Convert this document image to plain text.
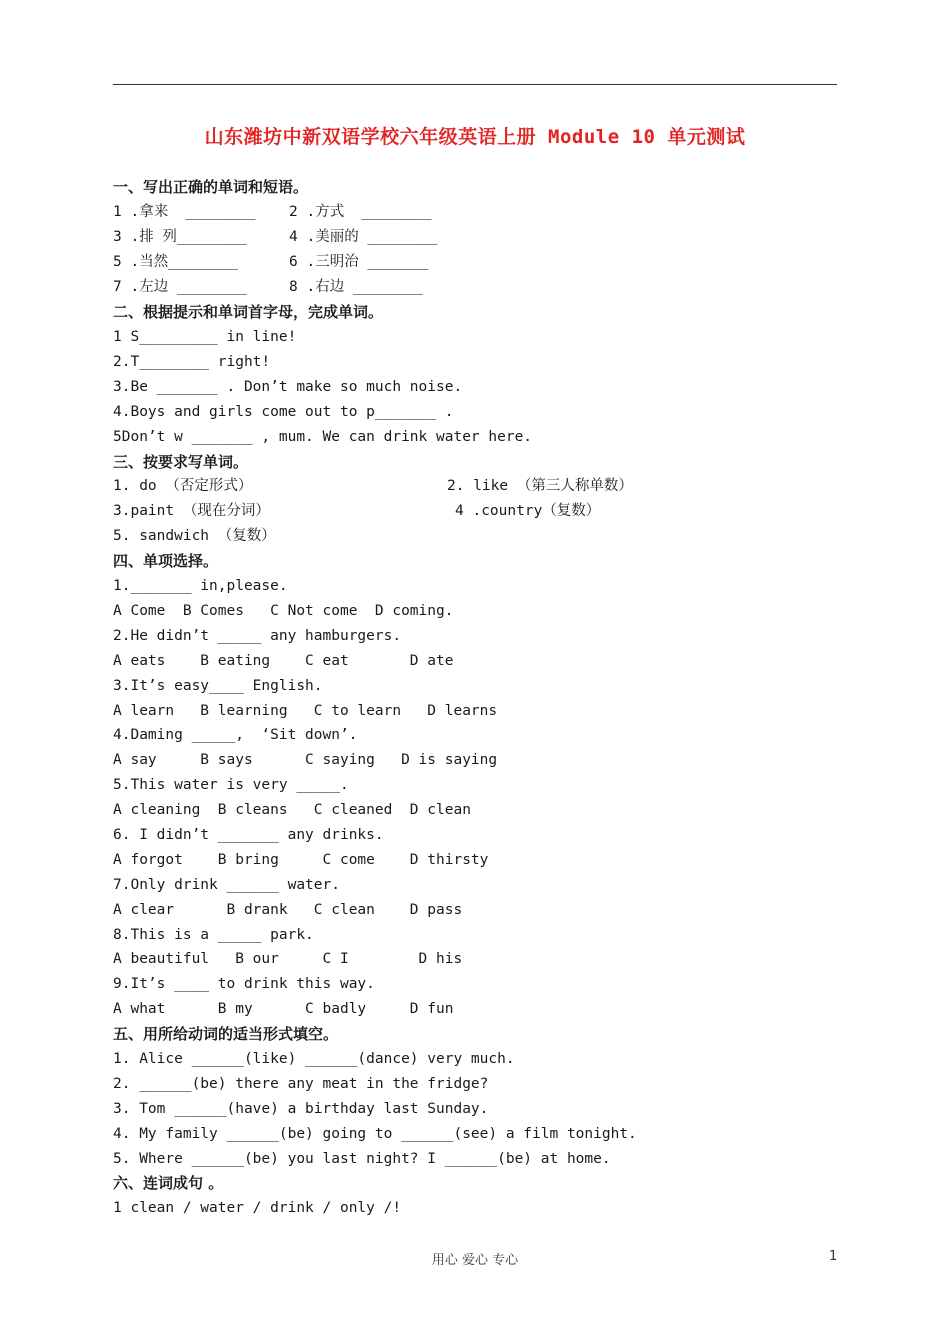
山东潍坊中新双语学校六年级英语上册 Module 10 单元测试
一、写出正确的单词和短语。
1 .拿来  ________ 2 .方式  ________
3 .排 列________	4 .美丽的 ________
5 .当然________	6 .三明治 _______
7 .左边 ________	8 .右边 ________
二、根据提示和单词首字母，完成单词。
1 S_________ in line!
2.T________ right!
3.Be _______ . Don’t make so much noise.
4.Boys and girls come out to p_______ .
5Don’t w _______ , mum. We can drink water here.
三、按要求写单词。
1. do （否定形式）	2. like （第三人称单数）
3.paint （现在分词）	4 .country（复数）
5. sandwich （复数）
四、单项选择。
1._______ in,please.
A Come  B Comes   C Not come  D coming.
2.He didn’t _____ any hamburgers.
A eats    B eating    C eat       D ate
3.It’s easy____ English.
A learn   B learning   C to learn   D learns
4.Daming _____,  ‘Sit down’.
A say     B says      C saying   D is saying
5.This water is very _____.
A cleaning  B cleans   C cleaned  D clean
6. I didn’t _______ any drinks.
A forgot    B bring     C come    D thirsty
7.Only drink ______ water.
A clear      B drank   C clean    D pass
8.This is a _____ park.
A beautiful   B our     C I        D his
9.It’s ____ to drink this way.
A what      B my      C badly     D fun
五、用所给动词的适当形式填空。
1. Alice ______(like) ______(dance) very much.
2. ______(be) there any meat in the fridge?
3. Tom ______(have) a birthday last Sunday.
4. My family ______(be) going to ______(see) a film tonight.
5. Where ______(be) you last night? I ______(be) at home.
六、连词成句 。
1 clean / water / drink / only /!
用心 爱心 专心	1
